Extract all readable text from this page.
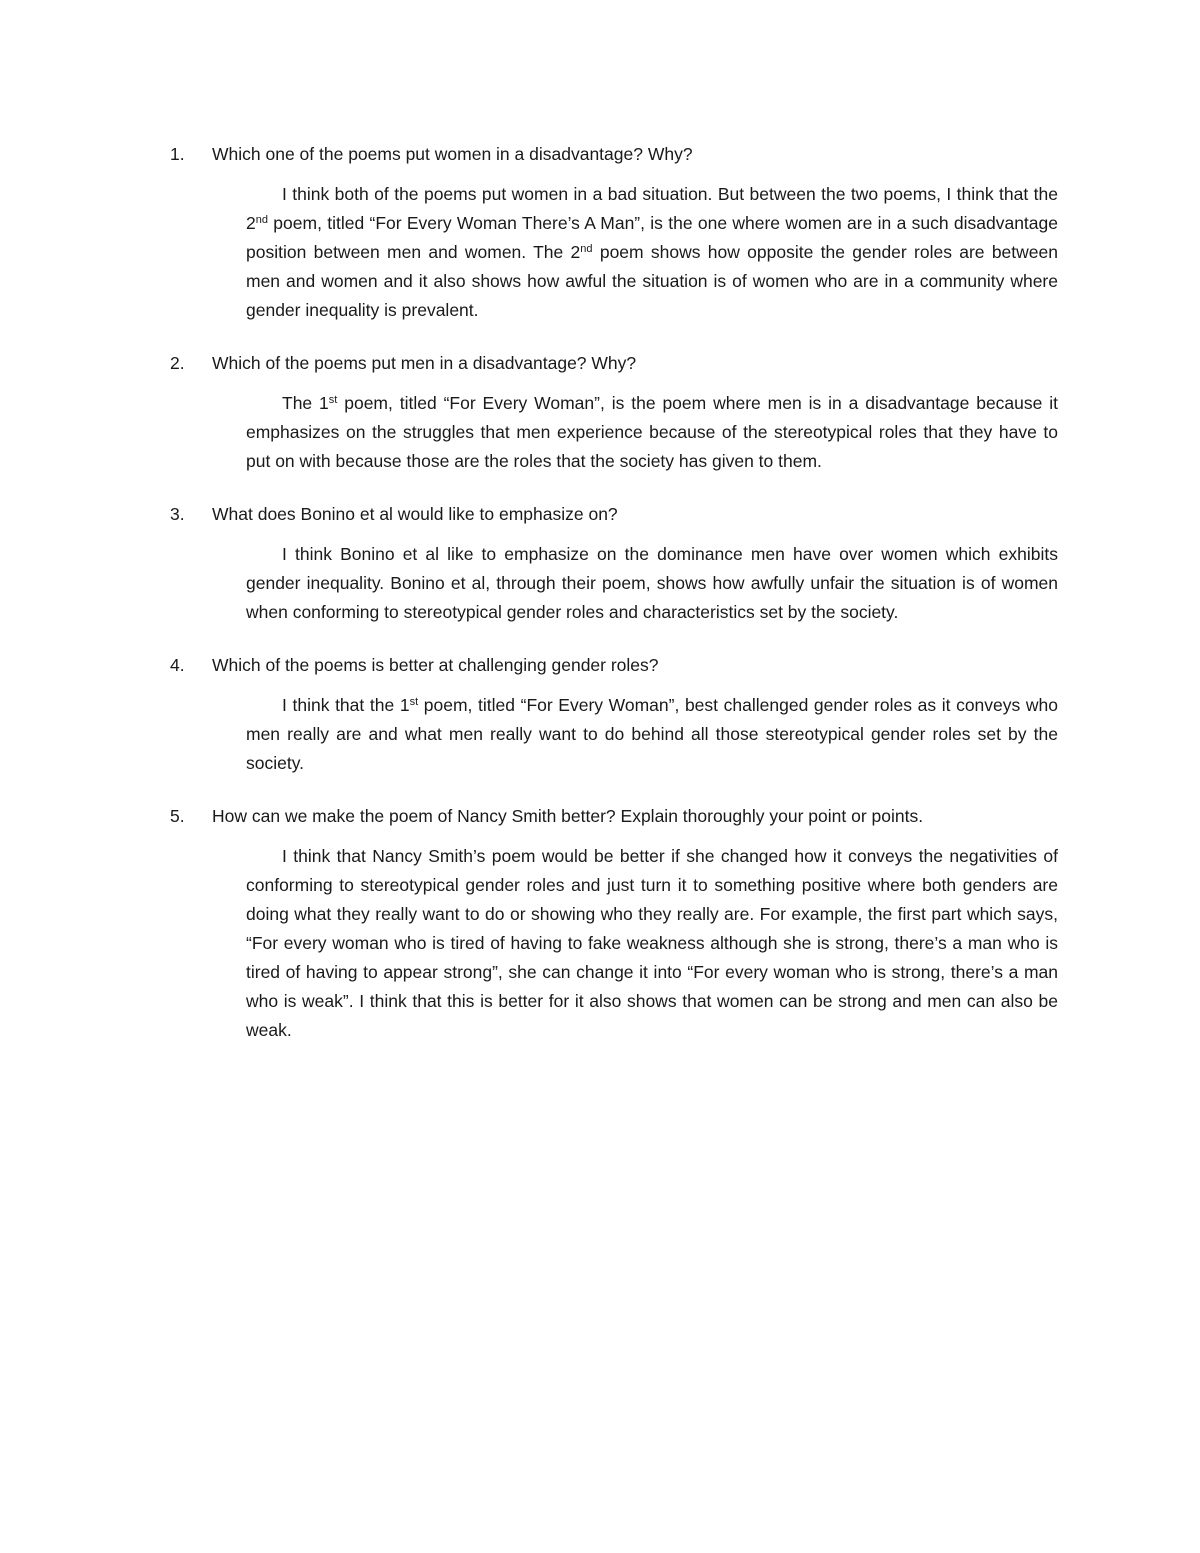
1.	Which one of the poems put women in a disadvantage? Why?

I think both of the poems put women in a bad situation. But between the two poems, I think that the 2nd poem, titled “For Every Woman There’s A Man”, is the one where women are in a such disadvantage position between men and women. The 2nd poem shows how opposite the gender roles are between men and women and it also shows how awful the situation is of women who are in a community where gender inequality is prevalent.

2.	Which of the poems put men in a disadvantage? Why?

The 1st poem, titled “For Every Woman”, is the poem where men is in a disadvantage because it emphasizes on the struggles that men experience because of the stereotypical roles that they have to put on with because those are the roles that the society has given to them.

3.	What does Bonino et al would like to emphasize on?

I think Bonino et al like to emphasize on the dominance men have over women which exhibits gender inequality. Bonino et al, through their poem, shows how awfully unfair the situation is of women when conforming to stereotypical gender roles and characteristics set by the society.

4.	Which of the poems is better at challenging gender roles?

I think that the 1st poem, titled “For Every Woman”, best challenged gender roles as it conveys who men really are and what men really want to do behind all those stereotypical gender roles set by the society.

5.	How can we make the poem of Nancy Smith better? Explain thoroughly your point or points.

I think that Nancy Smith’s poem would be better if she changed how it conveys the negativities of conforming to stereotypical gender roles and just turn it to something positive where both genders are doing what they really want to do or showing who they really are. For example, the first part which says, “For every woman who is tired of having to fake weakness although she is strong, there’s a man who is tired of having to appear strong”, she can change it into “For every woman who is strong, there’s a man who is weak”. I think that this is better for it also shows that women can be strong and men can also be weak.
